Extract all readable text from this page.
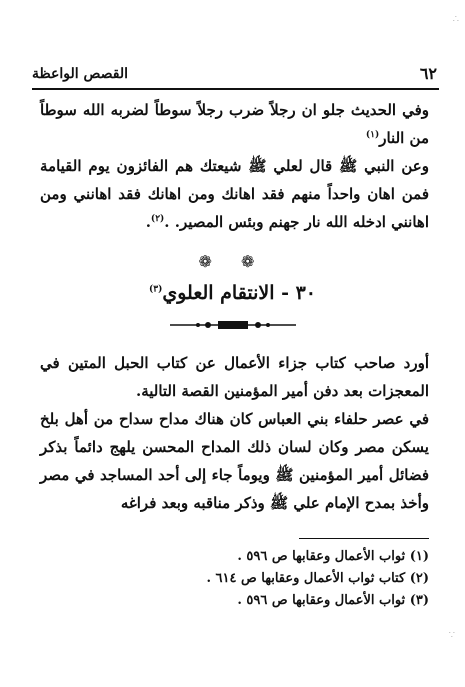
٦٢
القصص الواعظة
وفي الحديث جلو ان رجلاً ضرب رجلاً سوطاً لضربه الله سوطاً من النار$^{(١)}$
وعن النبي ﷺ قال لعلي ﷺ شيعتك هم الفائزون يوم القيامة فمن اهان واحداً منهم فقد اهانك ومن اهانك فقد اهانني ومن اهانني ادخله الله نار جهنم وبئس المصير. .$^{(٢)}$.
❁ ❁
٣٠ - الانتقام العلوي$^{(٣)}$
أورد صاحب كتاب جزاء الأعمال عن كتاب الحبل المتين في المعجزات بعد دفن أمير المؤمنين القصة التالية.
في عصر حلفاء بني العباس كان هناك مداح سداح من أهل بلخ يسكن مصر وكان لسان ذلك المداح المحسن يلهج دائماً بذكر فضائل أمير المؤمنين ﷺ ويوماً جاء إلى أحد المساجد في مصر وأخذ بمدح الإمام علي ﷺ وذكر مناقبه وبعد فراغه
(١) ثواب الأعمال وعقابها ص ٥٩٦ .
(٢) كتاب ثواب الأعمال وعقابها ص ٦١٤ .
(٣) ثواب الأعمال وعقابها ص ٥٩٦ .
∴
∵
